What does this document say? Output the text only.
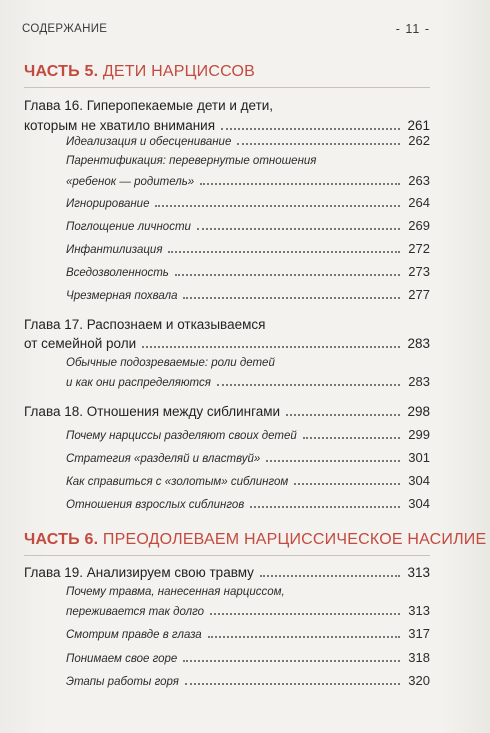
СОДЕРЖАНИЕ	- 11 -
ЧАСТЬ 5. ДЕТИ НАРЦИССОВ
Глава 16. Гиперопекаемые дети и дети,
которым не хватило внимания	261
Идеализация и обесценивание	262
Парентификация: перевернутые отношения
«ребенок — родитель»	263
Игнорирование	264
Поглощение личности	269
Инфантилизация	272
Вседозволенность	273
Чрезмерная похвала	277
Глава 17. Распознаем и отказываемся
от семейной роли	283
Обычные подозреваемые: роли детей
и как они распределяются	283
Глава 18. Отношения между сиблингами	298
Почему нарциссы разделяют своих детей	299
Стратегия «разделяй и властвуй»	301
Как справиться с «золотым» сиблингом	304
Отношения взрослых сиблингов	304
ЧАСТЬ 6. ПРЕОДОЛЕВАЕМ НАРЦИССИЧЕСКОЕ НАСИЛИЕ
Глава 19. Анализируем свою травму	313
Почему травма, нанесенная нарциссом,
переживается так долго	313
Смотрим правде в глаза	317
Понимаем свое горе	318
Этапы работы горя	320
